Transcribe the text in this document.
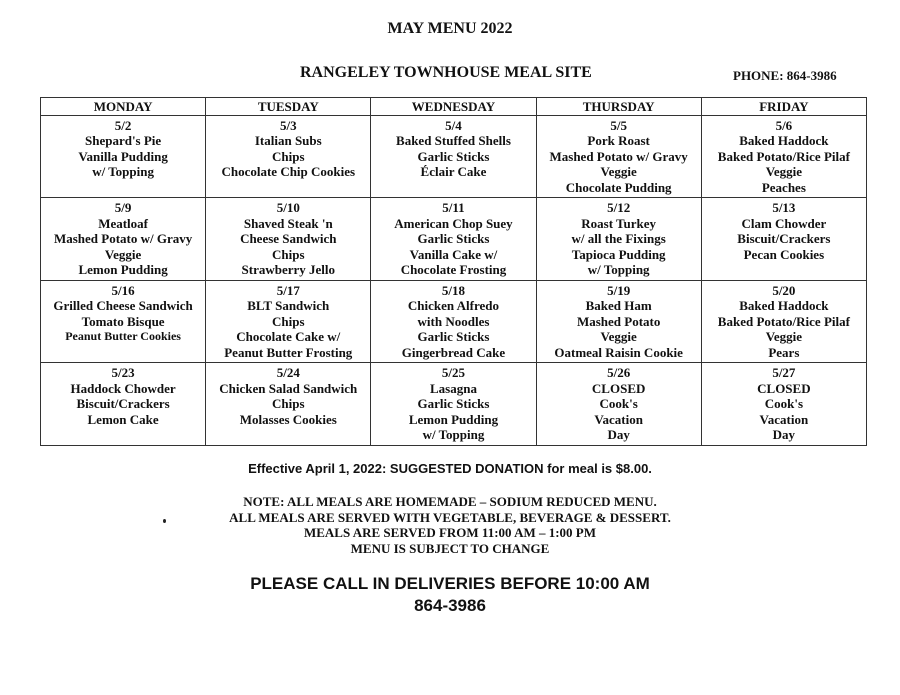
MAY MENU 2022
RANGELEY TOWNHOUSE MEAL SITE	PHONE: 864-3986
MONDAY	TUESDAY	WEDNESDAY	THURSDAY	FRIDAY

5/2
Shepard's Pie
Vanilla Pudding
w/ Topping	5/3
Italian Subs
Chips
Chocolate Chip Cookies	5/4
Baked Stuffed Shells
Garlic Sticks
Éclair Cake	5/5
Pork Roast
Mashed Potato w/ Gravy
Veggie
Chocolate Pudding	5/6
Baked Haddock
Baked Potato/Rice Pilaf
Veggie
Peaches

5/9
Meatloaf
Mashed Potato w/ Gravy
Veggie
Lemon Pudding	5/10
Shaved Steak 'n
Cheese Sandwich
Chips
Strawberry Jello	5/11
American Chop Suey
Garlic Sticks
Vanilla Cake w/
Chocolate Frosting	5/12
Roast Turkey
w/ all the Fixings
Tapioca Pudding
w/ Topping	5/13
Clam Chowder
Biscuit/Crackers
Pecan Cookies

5/16
Grilled Cheese Sandwich
Tomato Bisque
Peanut Butter Cookies	5/17
BLT Sandwich
Chips
Chocolate Cake w/
Peanut Butter Frosting	5/18
Chicken Alfredo
with Noodles
Garlic Sticks
Gingerbread Cake	5/19
Baked Ham
Mashed Potato
Veggie
Oatmeal Raisin Cookie	5/20
Baked Haddock
Baked Potato/Rice Pilaf
Veggie
Pears

5/23
Haddock Chowder
Biscuit/Crackers
Lemon Cake	5/24
Chicken Salad Sandwich
Chips
Molasses Cookies	5/25
Lasagna
Garlic Sticks
Lemon Pudding
w/ Topping	5/26
CLOSED
Cook's
Vacation
Day	5/27
CLOSED
Cook's
Vacation
Day

Effective April 1, 2022: SUGGESTED DONATION for meal is $8.00.

NOTE: ALL MEALS ARE HOMEMADE – SODIUM REDUCED MENU.
ALL MEALS ARE SERVED WITH VEGETABLE, BEVERAGE & DESSERT.
MEALS ARE SERVED FROM 11:00 AM – 1:00 PM
MENU IS SUBJECT TO CHANGE
PLEASE CALL IN DELIVERIES BEFORE 10:00 AM
864-3986
